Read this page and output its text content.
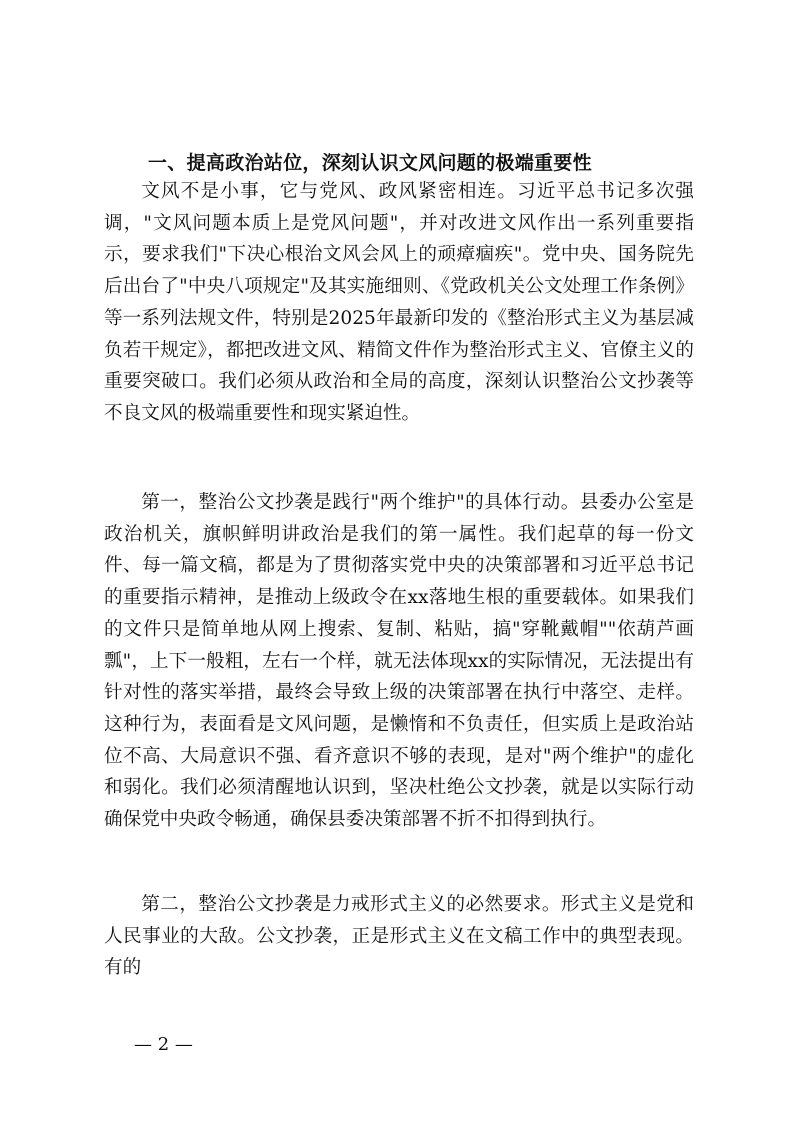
一、提高政治站位，深刻认识文风问题的极端重要性

文风不是小事，它与党风、政风紧密相连。习近平总书记多次强调，"文风问题本质上是党风问题"，并对改进文风作出一系列重要指示，要求我们"下决心根治文风会风上的顽瘴痼疾"。党中央、国务院先后出台了"中央八项规定"及其实施细则、《党政机关公文处理工作条例》等一系列法规文件，特别是2025年最新印发的《整治形式主义为基层减负若干规定》，都把改进文风、精简文件作为整治形式主义、官僚主义的重要突破口。我们必须从政治和全局的高度，深刻认识整治公文抄袭等不良文风的极端重要性和现实紧迫性。

第一，整治公文抄袭是践行"两个维护"的具体行动。县委办公室是政治机关，旗帜鲜明讲政治是我们的第一属性。我们起草的每一份文件、每一篇文稿，都是为了贯彻落实党中央的决策部署和习近平总书记的重要指示精神，是推动上级政令在xx落地生根的重要载体。如果我们的文件只是简单地从网上搜索、复制、粘贴，搞"穿靴戴帽""依葫芦画瓢"，上下一般粗，左右一个样，就无法体现xx的实际情况，无法提出有针对性的落实举措，最终会导致上级的决策部署在执行中落空、走样。这种行为，表面看是文风问题，是懒惰和不负责任，但实质上是政治站位不高、大局意识不强、看齐意识不够的表现，是对"两个维护"的虚化和弱化。我们必须清醒地认识到，坚决杜绝公文抄袭，就是以实际行动确保党中央政令畅通，确保县委决策部署不折不扣得到执行。

第二，整治公文抄袭是力戒形式主义的必然要求。形式主义是党和人民事业的大敌。公文抄袭，正是形式主义在文稿工作中的典型表现。有的

— 2 —
